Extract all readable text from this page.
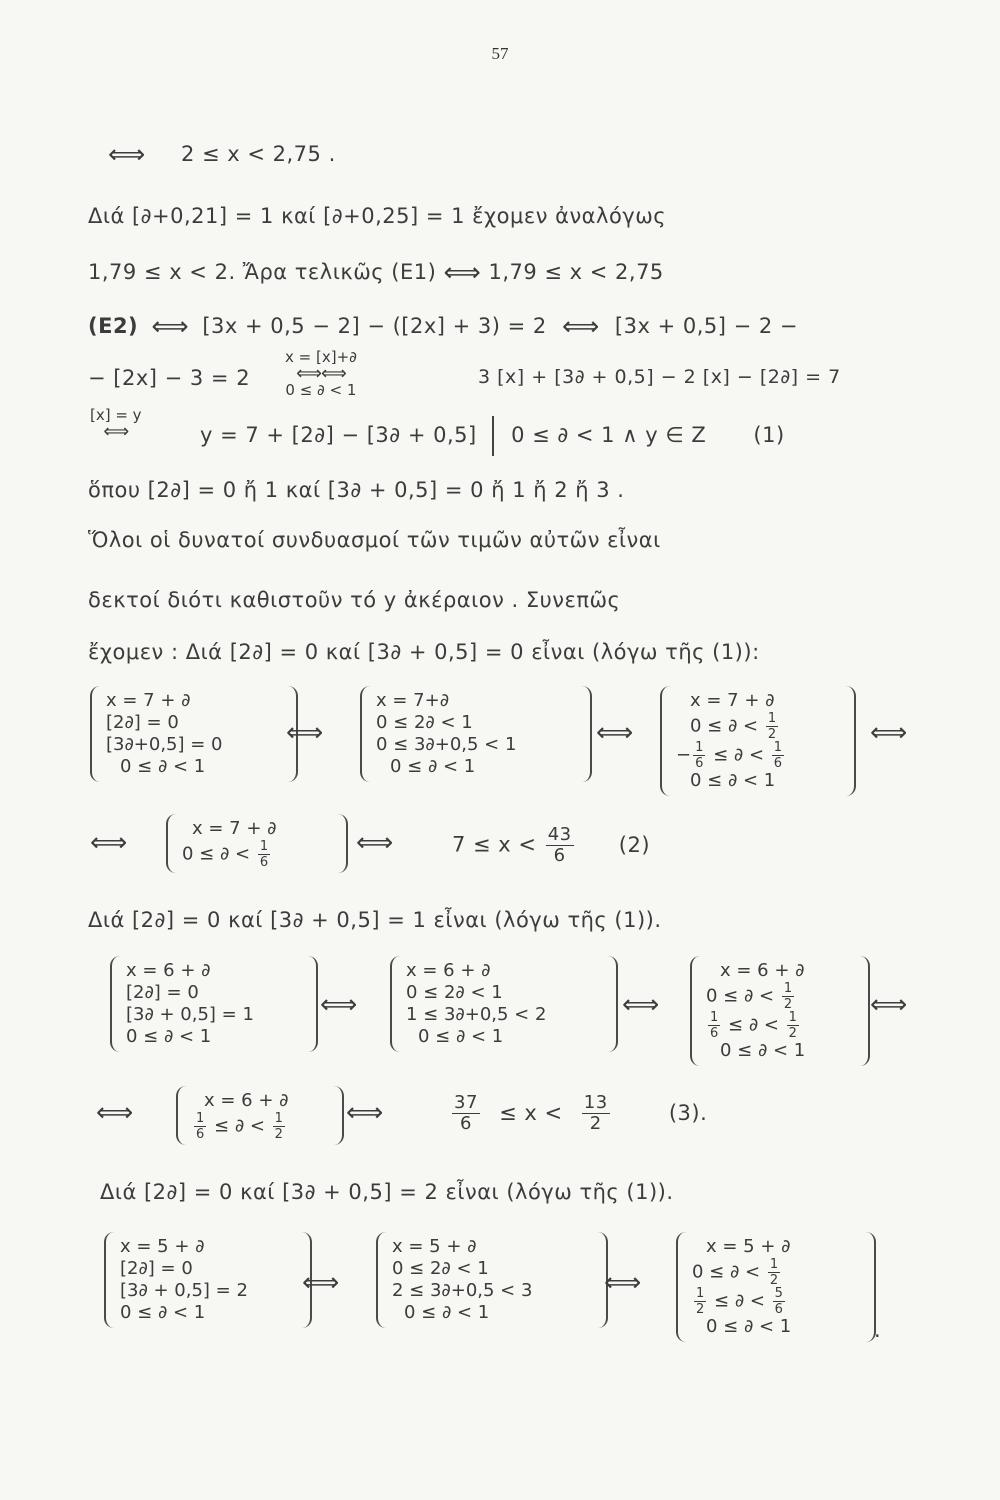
57
⟺ 2 ≤ x < 2,75 .
Διά [∂+0,21] = 1 καί [∂+0,25] = 1 ἔχομεν ἀναλόγως
1,79 ≤ x < 2. Ἄρα τελικῶς (E1) ⟺ 1,79 ≤ x < 2,75
(E2) ⟺ [3x + 0,5 − 2] − ([2x] + 3) = 2 ⟺ [3x + 0,5] − 2 −
− [2x] − 3 = 2
x = [x]+∂
⟺⟺
0 ≤ ∂ < 1
3 [x] + [3∂ + 0,5] − 2 [x] − [2∂] = 7
[x] = y
⟺	y = 7 + [2∂] − [3∂ + 0,5] 0 ≤ ∂ < 1 ∧ y ∈ Z (1)
ὅπου [2∂] = 0 ἤ 1 καί [3∂ + 0,5] = 0 ἤ 1 ἤ 2 ἤ 3 .
Ὅλοι οἱ δυνατοί συνδυασμοί τῶν τιμῶν αὐτῶν εἶναι
δεκτοί διότι καθιστοῦν τό y ἀκέραιον . Συνεπῶς
ἔχομεν : Διά [2∂] = 0 καί [3∂ + 0,5] = 0 εἶναι (λόγω τῆς (1)):
x = 7 + ∂
[2∂] = 0
[3∂+0,5] = 0
0 ≤ ∂ < 1
⟺
x = 7+∂
0 ≤ 2∂ < 1
0 ≤ 3∂+0,5 < 1
0 ≤ ∂ < 1
⟺
x = 7 + ∂
0 ≤ ∂ < $\frac{1}{2}$
− $\frac{1}{6}$ ≤ ∂ < $\frac{1}{6}$
0 ≤ ∂ < 1
⟺
⟺	x = 7 + ∂
0 ≤ ∂ < $\frac{1}{6}$	⟺	$7 \le x < \frac{43}{6} (2)$
Διά [2∂] = 0 καί [3∂ + 0,5] = 1 εἶναι (λόγω τῆς (1)).
x = 6 + ∂
[2∂] = 0
[3∂ + 0,5] = 1
0 ≤ ∂ < 1
⟺
x = 6 + ∂
0 ≤ 2∂ < 1
1 ≤ 3∂+0,5 < 2
0 ≤ ∂ < 1
⟺
x = 6 + ∂
0 ≤ ∂ < $\frac{1}{2}$
$\frac{1}{6}$ ≤ ∂ < $\frac{1}{2}$
0 ≤ ∂ < 1
⟺
⟺	x = 6 + ∂
$\frac{1}{6}$ ≤ ∂ < $\frac{1}{2}$ ⟺	$\frac{37}{6} \le x < \frac{13}{2}$	(3).
Διά [2∂] = 0 καί [3∂ + 0,5] = 2 εἶναι (λόγω τῆς (1)).
x = 5 + ∂
[2∂] = 0
[3∂ + 0,5] = 2
0 ≤ ∂ < 1
⟺
x = 5 + ∂
0 ≤ 2∂ < 1
2 ≤ 3∂+0,5 < 3
0 ≤ ∂ < 1
⟺
x = 5 + ∂
0 ≤ ∂ < $\frac{1}{2}$
$\frac{1}{2}$ ≤ ∂ < $\frac{5}{6}$
0 ≤ ∂ < 1	.
